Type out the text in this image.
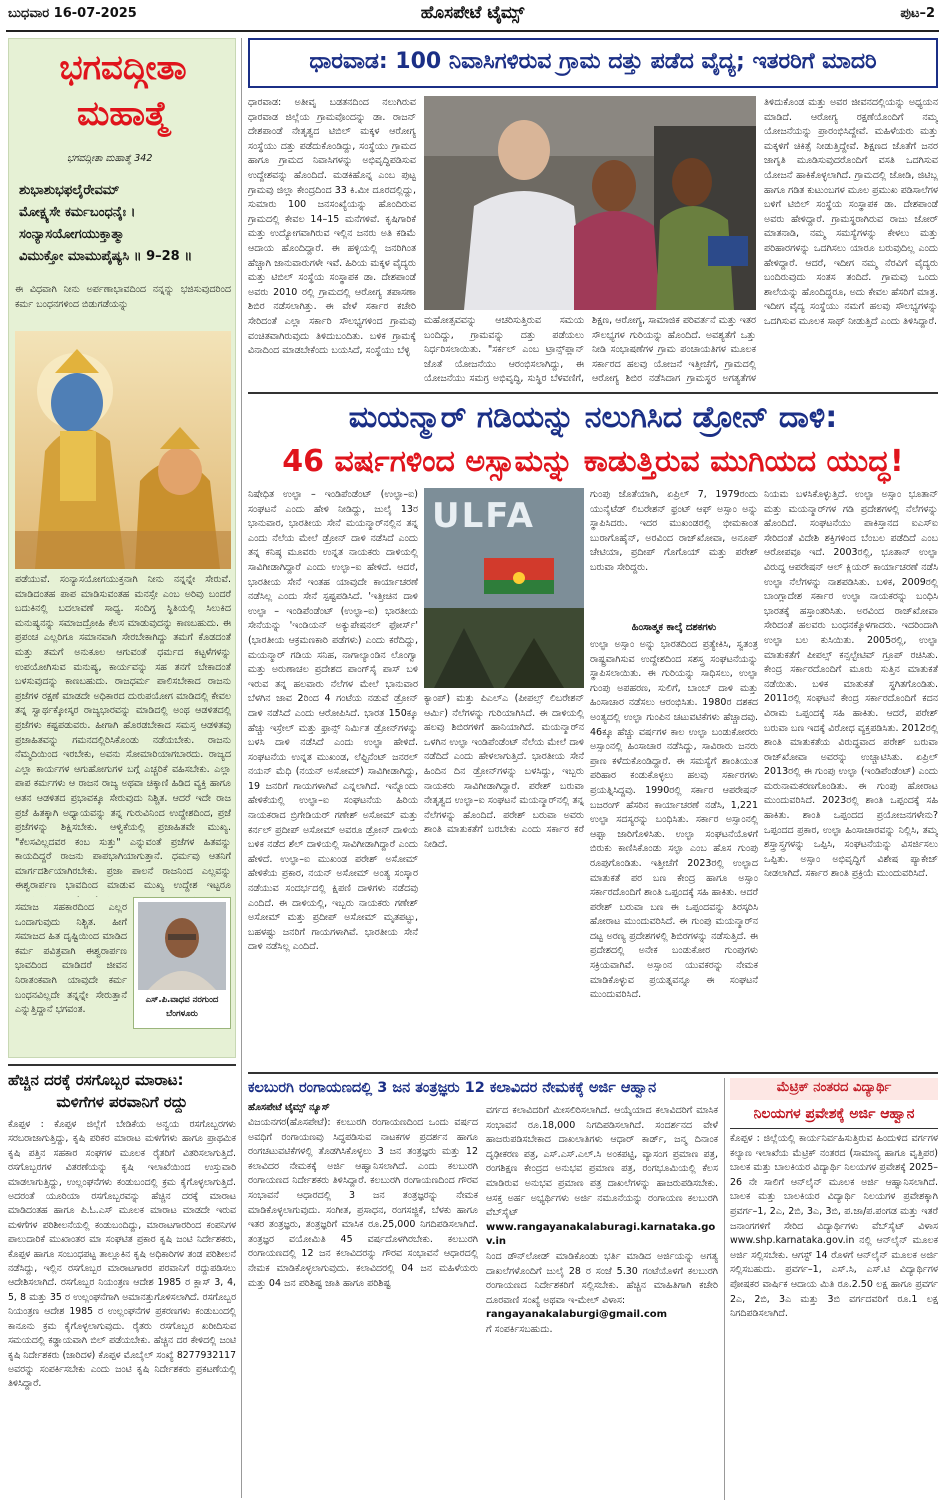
ಬುಧವಾರ 16-07-2025	ಹೊಸಪೇಟೆ ಟೈಮ್ಸ್	ಪುಟ–2
ಭಗವದ್ಗೀತಾ
ಮಹಾತ್ಮೆ
ಭಗವದ್ಗೀತಾ ಮಹಾತ್ಮೆ 342
ಶುಭಾಶುಭಫಲೈರೇವಮ್
ಮೋಕ್ಷ್ಯಸೇ ಕರ್ಮಬಂಧನೈಃ ।
ಸಂನ್ಯಾಸಯೋಗಯುಕ್ತಾತ್ಮಾ
ವಿಮುಕ್ತೋ ಮಾಮುಪೈಷ್ಯಸಿ ॥ 9–28 ॥
ಈ ವಿಧವಾಗಿ ನೀನು ಅರ್ಪಣಾಭಾವದಿಂದ ನನ್ನನ್ನು ಭಜಿಸುವುದರಿಂದ ಕರ್ಮ ಬಂಧನಗಳಿಂದ ಬಿಡುಗಡೆಯನ್ನು
ಪಡೆಯುವೆ. ಸಂನ್ಯಾಸಯೋಗಯುಕ್ತನಾಗಿ ನೀನು ನನ್ನನ್ನೇ ಸೇರುವೆ. ಮಾಡಿದಂತಹ ಪಾಪ ಮಾಡಿಸುವಂತಹ ಮನಸ್ಸೇ ಎಂಬ ಅರಿವು ಬಂದರೆ ಬದುಕಿನಲ್ಲಿ ಬದಲಾವಣೆ ಸಾಧ್ಯ. ಸಂದಿಗ್ಧ ಸ್ಥಿತಿಯಲ್ಲಿ ಸಿಲುಕಿದ ಮನುಷ್ಯನನ್ನು ಸಮಾಜದ್ರೋಹಿ ಕೆಲಸ ಮಾಡುವುದನ್ನು ಕಾಣಬಹುದು. ಈ ಪ್ರಪಂಚ ಎಲ್ಲರಿಗೂ ಸಮಾನವಾಗಿ ಸೇರಬೇಕಾಗಿದ್ದು ತಮಗೆ ಕೊಡದಂತೆ ಮತ್ತು ತಮಗೆ ಅನುಕೂಲ ಆಗುವಂತೆ ಧರ್ಮದ ಕಟ್ಟಳೆಗಳನ್ನು ಉಪಯೋಗಿಸುವ ಮನುಷ್ಯ, ಕಾರ್ಯವನ್ನು ಸಹ ತನಗೆ ಬೇಕಾದಂತೆ ಬಳಸುವುದನ್ನು ಕಾಣಬಹುದು. ರಾಜಧರ್ಮ ಪಾಲಿಸಬೇಕಾದ ರಾಜನು ಪ್ರಜೆಗಳ ರಕ್ಷಣೆ ಮಾಡದೇ ಅಧಿಕಾರದ ದುರುಪಯೋಗ ಮಾಡಿದಲ್ಲಿ ಕೇವಲ ತನ್ನ ಸ್ವಾರ್ಥಕ್ಕೋಸ್ಕರ ರಾಜ್ಯಭಾರವನ್ನು ಮಾಡಿದಲ್ಲಿ ಅಂಥ ಆಡಳಿತದಲ್ಲಿ ಪ್ರಜೆಗಳು ಕಷ್ಟಪಡುವರು. ಹೀಗಾಗಿ ಹೊರಡಬೇಕಾದ ಸಮಸ್ತ ಆಡಳಿತವು ಪ್ರಜಾಹಿತವನ್ನು ಗಮನದಲ್ಲಿರಿಸಿಕೊಂಡು ನಡೆಯಬೇಕು. ರಾಜನು ನೆಮ್ಮದಿಯಿಂದ ಇರಬೇಕು, ಅವನು ಸೋಮಾರಿಯಾಗಬಾರದು. ರಾಜ್ಯದ ಎಲ್ಲಾ ಕಾರ್ಯಗಳ ಆಗುಹೋಗುಗಳ ಬಗ್ಗೆ ಎಚ್ಚರಿಕೆ ವಹಿಸಬೇಕು. ಎಲ್ಲಾ ಪಾಪ ಕರ್ಮಗಳು ಆ ರಾಜನ ರಾಜ್ಯ ಅಥವಾ ಚಿಕ್ಕಾಣಿ ಹಿಡಿದ ವ್ಯಕ್ತಿ ಹಾಗೂ ಆತನ ಆಡಳಿತದ ಪ್ರಭಾವಕ್ಕೂ ಸೇರುವುದು ನಿಶ್ಚಿತ. ಆದರೆ ಇದೇ ರಾಜ ಪ್ರಜೆ ಹಿತಕ್ಕಾಗಿ ಅಧ್ಯಾಯವನ್ನು ತನ್ನ ಗುರುವಿನಿಂದ ಉದ್ದೇಶದಿಂದ, ಪ್ರಜೆ ಪ್ರಜೆಗಳನ್ನು ಶಿಕ್ಷಿಸಬೇಕು. ಆಳ್ವಿಕೆಯಲ್ಲಿ ಪ್ರಜಾಹಿತವೇ ಮುಖ್ಯ. "ಕೆಲಸವಿಲ್ಲದವರ ಕಂಬ ಸುತ್ತು" ಎನ್ನುವಂತೆ ಪ್ರಜೆಗಳ ಹಿತವನ್ನು ಕಾಯದಿದ್ದರೆ ರಾಜನು ಪಾಪಭಾಗಿಯಾಗುತ್ತಾನೆ. ಧರ್ಮವು ಆತನಿಗೆ ಮಾರ್ಗದರ್ಶಿಯಾಗಿರಬೇಕು. ಪ್ರಜಾ ಪಾಲನೆ ರಾಜನಿಂದ ಎಲ್ಲವನ್ನು ಈಶ್ವರಾರ್ಪಣ ಭಾವದಿಂದ ಮಾಡುವ ಮುಖ್ಯ ಉದ್ದೇಶ ಇಟ್ಟರೂ
ಸಮಾಜ ಸಹಕಾರದಿಂದ ಎಲ್ಲರ ಒಂದಾಗುವುದು ನಿಶ್ಚಿತ. ಹೀಗೆ ಸಮಾಜದ ಹಿತ ದೃಷ್ಟಿಯಿಂದ ಮಾಡಿದ ಕರ್ಮ ಪವಿತ್ರವಾಗಿ ಈಶ್ವರಾರ್ಪಣ ಭಾವದಿಂದ ಮಾಡಿದರೆ ಜೀವನ ನಿರಾತಂಕವಾಗಿ ಯಾವುದೇ ಕರ್ಮ ಬಂಧನವಿಲ್ಲದೇ ತನ್ನನ್ನೇ ಸೇರುತ್ತಾನೆ ಎನ್ನುತ್ತಿದ್ದಾನೆ ಭಗವಂತ.
ಎಸ್.ಪಿ.ವಾಧವ ನರಗುಂದ
ಬೆಂಗಳೂರು
ಹೆಚ್ಚಿನ ದರಕ್ಕೆ ರಸಗೊಬ್ಬರ ಮಾರಾಟ:
ಮಳಿಗೆಗಳ ಪರವಾನಿಗೆ ರದ್ದು
ಕೊಪ್ಪಳ : ಕೊಪ್ಪಳ ಜಿಲ್ಲೆಗೆ ಬೇಡಿಕೆಯ ಅನ್ವಯ ರಸಗೊಬ್ಬರಗಳು ಸರಬರಾಜಾಗುತ್ತಿದ್ದು, ಕೃಷಿ ಪರಿಕರ ಮಾರಾಟ ಮಳಿಗೆಗಳು ಹಾಗೂ ಪ್ರಾಥಮಿಕ ಕೃಷಿ ಪತ್ತಿನ ಸಹಕಾರ ಸಂಘಗಳ ಮೂಲಕ ರೈತರಿಗೆ ವಿತರಿಸಲಾಗುತ್ತಿದೆ. ರಸಗೊಬ್ಬರಗಳ ವಿತರಣೆಯನ್ನು ಕೃಷಿ ಇಲಾಖೆಯಿಂದ ಉಸ್ತುವಾರಿ ಮಾಡಲಾಗುತ್ತಿದ್ದು, ಉಲ್ಲಂಘನೆಗಳು ಕಂಡುಬಂದಲ್ಲಿ ಕ್ರಮ ಕೈಗೊಳ್ಳಲಾಗುತ್ತಿದೆ. ಅದರಂತೆ ಯೂರಿಯಾ ರಸಗೊಬ್ಬರವನ್ನು ಹೆಚ್ಚಿನ ದರಕ್ಕೆ ಮಾರಾಟ ಮಾಡಿದಂತಹ ಹಾಗೂ ಪಿ.ಓ.ಎಸ್ ಮೂಲಕ ಮಾರಾಟ ಮಾಡದೇ ಇರುವ ಮಳಿಗೆಗಳ ಪರಿಶೀಲನೆಯಲ್ಲಿ ಕಂಡುಬಂದಿದ್ದು, ಮಾರಾಟಗಾರರಿಂದ ಕಂಪನಿಗಳ ಪಾಲುದಾರಿಕೆ ಮುಖಾಂತರ ಮಾ ಸಂಘಟಿತ ಪ್ರಕಾರ ಕೃಷಿ ಜಂಟಿ ನಿರ್ದೇಶಕರು, ಕೊಪ್ಪಳ ಹಾಗೂ ಸಂಬಂಧಪಟ್ಟ ತಾಲ್ಲೂಕಿನ ಕೃಷಿ ಅಧಿಕಾರಿಗಳ ತಂಡ ಪರಿಶೀಲನೆ ನಡೆಸಿದ್ದು, ಇಲ್ಲಿನ ರಸಗೊಬ್ಬರ ಮಾರಾಟಗಾರರ ಪರವಾನಿಗೆ ರದ್ದುಪಡಿಸಲು ಆದೇಶಿಸಲಾಗಿದೆ. ರಸಗೊಬ್ಬರ ನಿಯಂತ್ರಣ ಆದೇಶ 1985 ರ ಕ್ಲಾಸ್ 3, 4, 5, 8 ಮತ್ತು 35 ರ ಉಲ್ಲಂಘನೆಗಾಗಿ ಅಮಾನತ್ತುಗೊಳಿಸಲಾಗಿದೆ. ರಸಗೊಬ್ಬರ ನಿಯಂತ್ರಣ ಆದೇಶ 1985 ರ ಉಲ್ಲಂಘನೆಗಳ ಪ್ರಕರಣಗಳು ಕಂಡುಬಂದಲ್ಲಿ ಕಾನೂನು ಕ್ರಮ ಕೈಗೊಳ್ಳಲಾಗುವುದು. ರೈತರು ರಸಗೊಬ್ಬರ ಖರೀದಿಸುವ ಸಮಯದಲ್ಲಿ ಕಡ್ಡಾಯವಾಗಿ ಬಿಲ್ ಪಡೆಯಬೇಕು. ಹೆಚ್ಚಿನ ದರ ಕೇಳಿದಲ್ಲಿ ಜಂಟಿ ಕೃಷಿ ನಿರ್ದೇಶಕರು (ಜಾರಿದಳ) ಕೊಪ್ಪಳ ಮೊಬೈಲ್ ಸಂಖ್ಯೆ 8277932117 ಅವರನ್ನು ಸಂಪರ್ಕಿಸಬೇಕು ಎಂದು ಜಂಟಿ ಕೃಷಿ ನಿರ್ದೇಶಕರು ಪ್ರಕಟಣೆಯಲ್ಲಿ ತಿಳಿಸಿದ್ದಾರೆ.
ಧಾರವಾಡ: 100 ನಿವಾಸಿಗಳಿರುವ ಗ್ರಾಮ ದತ್ತು ಪಡೆದ ವೈದ್ಯ; ಇತರರಿಗೆ ಮಾದರಿ
ಧಾರವಾಡ: ಅತೀವೃ ಬಡತನದಿಂದ ನಲುಗಿರುವ ಧಾರವಾಡ ಜಿಲ್ಲೆಯ ಗ್ರಾಮವೊಂದನ್ನು ಡಾ. ರಾಜನ್ ದೇಶಪಾಂಡೆ ನೇತೃತ್ವದ ಟಿಬಿಲ್ ಮಕ್ಕಳ ಆರೋಗ್ಯ ಸಂಸ್ಥೆಯು ದತ್ತು ಪಡೆದುಕೊಂಡಿದ್ದು, ಸಂಸ್ಥೆಯು ಗ್ರಾಮದ ಹಾಗೂ ಗ್ರಾಮದ ನಿವಾಸಿಗಳನ್ನು ಅಭಿವೃದ್ಧಿಪಡಿಸುವ ಉದ್ದೇಶವನ್ನು ಹೊಂದಿದೆ. ಮಡಕಿಹೊನ್ನ ಎಂಬ ಪುಟ್ಟ ಗ್ರಾಮವು ಜಿಲ್ಲಾ ಕೇಂದ್ರದಿಂದ 33 ಕಿ.ಮೀ ದೂರದಲ್ಲಿದ್ದು, ಸುಮಾರು 100 ಜನಸಂಖ್ಯೆಯನ್ನು ಹೊಂದಿರುವ ಗ್ರಾಮದಲ್ಲಿ ಕೇವಲ 14–15 ಮನೆಗಳಿವೆ. ಕೃಷಿಗಾರಿಕೆ ಮತ್ತು ಉದ್ಯೋಗವಾಗಿರುವ ಇಲ್ಲಿನ ಜನರು ಅತಿ ಕಡಿಮೆ ಆದಾಯ ಹೊಂದಿದ್ದಾರೆ. ಈ ಹಳ್ಳಿಯಲ್ಲಿ ಜನರಿಗಿಂತ ಹೆಚ್ಚಾಗಿ ಜಾನುವಾರುಗಳೇ ಇವೆ. ಹಿರಿಯ ಮಕ್ಕಳ ವೈದ್ಯರು ಮತ್ತು ಟಿಬಿಲ್ ಸಂಸ್ಥೆಯ ಸಂಸ್ಥಾಪಕ ಡಾ. ದೇಶಪಾಂಡೆ ಅವರು 2010 ರಲ್ಲಿ ಗ್ರಾಮದಲ್ಲಿ ಆರೋಗ್ಯ ತಪಾಸಣಾ ಶಿಬಿರ ನಡೆಸಲಾಗಿತ್ತು. ಈ ವೇಳೆ ಸರ್ಕಾರ ಕಚೇರಿ ಸೇರಿದಂತೆ ಎಲ್ಲಾ ಸರ್ಕಾರಿ ಸೌಲಭ್ಯಗಳಿಂದ ಗ್ರಾಮವು ವಂಚಿತವಾಗಿರುವುದು ತಿಳಿದುಬಂದಿತು. ಬಳಿಕ ಗ್ರಾಮಕ್ಕೆ ವಿನಾದಿಂದ ಮಾಡಬೇಕೆಂದು ಬಯಸಿದೆ, ಸಂಸ್ಥೆಯು ಬೆಳ್ಳಿ
ಮಹೋತ್ಸವವನ್ನು ಆಚರಿಸುತ್ತಿರುವ ಸಮಯ ಬಂದಿದ್ದು, ಗ್ರಾಮವನ್ನು ದತ್ತು ಪಡೆಯಲು ನಿರ್ಧರಿಸಲಾಯಿತು. "ಸರ್ಕಲ್ ಎಂಬ ಟ್ರಾನ್ಸ್‌ಪ್ಲಾನ್ ಜೊತೆ ಯೋಜನೆಯು ಆರಂಭಿಸಲಾಗಿದ್ದು, ಈ ಯೋಜನೆಯು ಸಮಗ್ರ ಅಭಿವೃದ್ಧಿ, ಸುಸ್ಥಿರ ಬೆಳವಣಿಗೆ,
ಶಿಕ್ಷಣ, ಆರೋಗ್ಯ, ಸಾಮಾಜಿಕ ಪರಿವರ್ತನೆ ಮತ್ತು ಇತರ ಸೌಲಭ್ಯಗಳ ಗುರಿಯನ್ನು ಹೊಂದಿದೆ. ಅವಶ್ಯತೆಗೆ ಒತ್ತು ನೀಡಿ ಸಂಭಾಷಣೆಗಳ ಗ್ರಾಮ ಪಂಚಾಯತಿಗಳ ಮೂಲಕ ಸರ್ಕಾರದ ಹಲವು ಯೋಜನೆ ಇತ್ತೀಚೆಗೆ, ಗ್ರಾಮದಲ್ಲಿ ಆರೋಗ್ಯ ಶಿಬಿರ ನಡೆಸಿದಾಗ ಗ್ರಾಮಸ್ಥರ ಅಗತ್ಯತೆಗಳ
ತಿಳಿದುಕೊಂಡ ಮತ್ತು ಅವರ ಜೀವನದಲ್ಲಿಯನ್ನು ಅಧ್ಯಯನ ಮಾಡಿದೆ. ಆರೋಗ್ಯ ರಕ್ಷಣೆಯೊಂದಿಗೆ ನಮ್ಮ ಯೋಜನೆಯನ್ನು ಪ್ರಾರಂಭಿಸಿದ್ದೇವೆ. ಮಹಿಳೆಯರು ಮತ್ತು ಮಕ್ಕಳಿಗೆ ಚಿಕಿತ್ಸೆ ನೀಡುತ್ತಿದ್ದೇವೆ. ಶಿಕ್ಷಣದ ಜೊತೆಗೆ ಜನರ ಜಾಗೃತಿ ಮೂಡಿಸುವುದರೊಂದಿಗೆ ವಸತಿ ಒದಗಿಸುವ ಯೋಜನೆ ಹಾಕಿಕೊಳ್ಳಲಾಗಿದೆ. ಗ್ರಾಮದಲ್ಲಿ ಜೋಡಿ, ಜಿಟಿಬ್ಲ ಹಾಗೂ ಗಡಿತ ಕುಟುಂಬಗಳ ಮೂಲ ಪ್ರಮುಖ ಪಡಿಸಾಲೆಗಳ ಬಳಿಗೆ ಟಿಬಿಲ್ ಸಂಸ್ಥೆಯ ಸಂಸ್ಥಾಪಕ ಡಾ. ದೇಶಪಾಂಡೆ ಅವರು ಹೇಳಿದ್ದಾರೆ. ಗ್ರಾಮಸ್ಥರಾಗಿರುವ ರಾಜು ಜೋರ್ ಮಾತನಾಡಿ, ನಮ್ಮ ಸಮಸ್ಯೆಗಳನ್ನು ಕೇಳಲು ಮತ್ತು ಪರಿಹಾರಗಳನ್ನು ಒದಗಿಸಲು ಯಾರೂ ಬರುವುದಿಲ್ಲ ಎಂದು ಹೇಳಿದ್ದಾರೆ. ಆದರೆ, ಇದೀಗ ನಮ್ಮ ನೆರವಿಗೆ ವೈದ್ಯರು ಬಂದಿರುವುದು ಸಂತಸ ತಂದಿದೆ. ಗ್ರಾಮವು ಒಂದು ಶಾಲೆಯನ್ನು ಹೊಂದಿದ್ದರೂ, ಅದು ಕೇವಲ ಹೆಸರಿಗೆ ಮಾತ್ರ. ಇದೀಗ ವೈದ್ಯ ಸಂಸ್ಥೆಯು ನಮಗೆ ಹಲವು ಸೌಲಭ್ಯಗಳನ್ನು ಒದಗಿಸುವ ಮೂಲಕ ಸಾಥ್ ನೀಡುತ್ತಿದೆ ಎಂದು ತಿಳಿಸಿದ್ದಾರೆ.
ಮಯನ್ಮಾರ್ ಗಡಿಯನ್ನು ನಲುಗಿಸಿದ ಡ್ರೋನ್ ದಾಳಿ:
46 ವರ್ಷಗಳಿಂದ ಅಸ್ಸಾಮನ್ನು ಕಾಡುತ್ತಿರುವ ಮುಗಿಯದ ಯುದ್ಧ!
ನಿಷೇಧಿತ ಉಲ್ಫಾ – ಇಂಡಿಪೆಂಡೆಂಟ್ (ಉಲ್ಫಾ–ಐ) ಸಂಘಟನೆ ಎಂದು ಹೇಳಿ ನೀಡಿದ್ದು, ಜುಲೈ 13ರ ಭಾನುವಾರ, ಭಾರತೀಯ ಸೇನೆ ಮಯನ್ಮಾರ್‌ನಲ್ಲಿನ ತನ್ನ ಎಂದು ನೆಲೆಯ ಮೇಲೆ ಡ್ರೋನ್ ದಾಳಿ ನಡೆಸಿದೆ ಎಂದು ತನ್ನ ಕನಿಷ್ಠ ಮೂವರು ಉನ್ನತ ನಾಯಕರು ದಾಳಿಯಲ್ಲಿ ಸಾವಿಗೀಡಾಗಿದ್ದಾರೆ ಎಂದು ಉಲ್ಫಾ–ಐ ಹೇಳಿದೆ. ಆದರೆ, ಭಾರತೀಯ ಸೇನೆ ಇಂತಹ ಯಾವುದೇ ಕಾರ್ಯಾಚರಣೆ ನಡೆಸಿಲ್ಲ ಎಂದು ಸೇನೆ ಸ್ಪಷ್ಟಪಡಿಸಿದೆ. 'ಇತ್ತೀಚಿನ ದಾಳಿ ಉಲ್ಫಾ – ಇಂಡಿಪೆಂಡೆಂಟ್ (ಉಲ್ಫಾ–ಐ) ಭಾರತೀಯ ಸೇನೆಯನ್ನು 'ಇಂಡಿಯನ್ ಅಕ್ಯುಪೇಷನಲ್ ಫೋರ್ಸ್' (ಭಾರತೀಯ ಆಕ್ರಮಣಕಾರಿ ಪಡೆಗಳು) ಎಂದು ಕರೆದಿದ್ದು, ಮಯನ್ಮಾರ್ ಗಡಿಯ ಸನಿಹ, ನಾಗಾಲ್ಯಾಂಡಿನ ಲೊಂಗ್ವಾ ಮತ್ತು ಅರುಣಾಚಲ ಪ್ರದೇಶದ ಪಾಂಗ್‌ಸೈ ಪಾಸ್ ಬಳಿ ಇರುವ ತನ್ನ ಹಲವಾರು ನೆಲೆಗಳ ಮೇಲೆ ಭಾನುವಾರ ಬೆಳಗಿನ ಜಾವ 2ರಿಂದ 4 ಗಂಟೆಯ ನಡುವೆ ಡ್ರೋನ್ ದಾಳಿ ನಡೆಸಿದೆ ಎಂದು ಆರೋಪಿಸಿದೆ. ಭಾರತ 150ಕ್ಕೂ ಹೆಚ್ಚು ಇಸ್ರೇಲ್ ಮತ್ತು ಫ್ರಾನ್ಸ್ ನಿರ್ಮಿತ ಡ್ರೋನ್‌ಗಳನ್ನು ಬಳಸಿ ದಾಳಿ ನಡೆಸಿದೆ ಎಂದು ಉಲ್ಫಾ ಹೇಳಿದೆ. ಸಂಘಟನೆಯ ಉನ್ನತ ಮುಖಂಡ, ಲೆಫ್ಟಿನೆಂಟ್ ಜನರಲ್ ನಯನ್ ಮೆಧಿ (ನಯನ್ ಅಸೋಮ್) ಸಾವಿಗೀಡಾಗಿದ್ದು, 19 ಜನರಿಗೆ ಗಾಯಗಳಾಗಿವೆ ಎನ್ನಲಾಗಿದೆ. ಇನ್ನೊಂದು ಹೇಳಿಕೆಯಲ್ಲಿ ಉಲ್ಫಾ–ಐ ಸಂಘಟನೆಯ ಹಿರಿಯ ನಾಯಕರಾದ ಬ್ರಿಗೇಡಿಯರ್ ಗಣೇಶ್ ಅಸೋಮ್ ಮತ್ತು ಕರ್ನಲ್ ಪ್ರದೀಪ್ ಅಸೋಮ್ ಅವರೂ ಡ್ರೋನ್ ದಾಳಿಯ ಬಳಿಕ ನಡೆದ ಶೆಲ್ ದಾಳಿಯಲ್ಲಿ ಸಾವಿಗೀಡಾಗಿದ್ದಾರೆ ಎಂದು ಹೇಳಿದೆ. ಉಲ್ಫಾ–ಐ ಮುಖಂಡ ಪರೇಶ್ ಅಸೋಮ್ ಹೇಳಿಕೆಯ ಪ್ರಕಾರ, ನಯನ್ ಅಸೋಮ್ ಅಂತ್ಯ ಸಂಸ್ಕಾರ ನಡೆಯುವ ಸಂದರ್ಭದಲ್ಲಿ ಕ್ಷಿಪಣಿ ದಾಳಿಗಳು ನಡೆದವು ಎಂದಿದೆ. ಈ ದಾಳಿಯಲ್ಲಿ, ಇಬ್ಬರು ನಾಯಕರು ಗಣೇಶ್ ಅಸೋಮ್ ಮತ್ತು ಪ್ರದೀಪ್ ಅಸೋಮ್ ಮೃತಪಟ್ಟು, ಬಹಳಷ್ಟು ಜನರಿಗೆ ಗಾಯಗಳಾಗಿವೆ. ಭಾರತೀಯ ಸೇನೆ ದಾಳಿ ನಡೆಸಿಲ್ಲ ಎಂದಿದೆ.
ULFA
ಕ್ಯಾಂಪ್) ಮತ್ತು ಪಿಎಲ್‌ಎ (ಪೀಪಲ್ಸ್ ಲಿಬರೇಶನ್ ಆರ್ಮಿ) ನೆಲೆಗಳನ್ನು ಗುರಿಯಾಗಿಸಿದೆ. ಈ ದಾಳಿಯಲ್ಲಿ ಹಲವು ಶಿಬಿರಗಳಿಗೆ ಹಾನಿಯಾಗಿದೆ. ಮಯನ್ಮಾರ್‌ನ ಒಳಗಿನ ಉಲ್ಫಾ ಇಂಡಿಪೆಂಡೆಂಟ್ ನೆಲೆಯ ಮೇಲೆ ದಾಳಿ ನಡೆದಿದೆ ಎಂದು ಹೇಳಲಾಗುತ್ತಿದೆ. ಭಾರತೀಯ ಸೇನೆ ಹಿಂದಿನ ದಿನ ಡ್ರೋನ್‌ಗಳನ್ನು ಬಳಸಿದ್ದು, ಇಬ್ಬರು ನಾಯಕರು ಸಾವಿಗೀಡಾಗಿದ್ದಾರೆ. ಪರೇಶ್ ಬರುವಾ ನೇತೃತ್ವದ ಉಲ್ಫಾ–ಐ ಸಂಘಟನೆ ಮಯನ್ಮಾರ್‌ನಲ್ಲಿ ತನ್ನ ನೆಲೆಗಳನ್ನು ಹೊಂದಿದೆ. ಪರೇಶ್ ಬರುವಾ ಅವರು ಶಾಂತಿ ಮಾತುಕತೆಗೆ ಬರಬೇಕು ಎಂದು ಸರ್ಕಾರ ಕರೆ ನೀಡಿದೆ.
ಗುಂಪು ಜೊತೆಯಾಗಿ, ಏಪ್ರಿಲ್ 7, 1979ರಂದು ಯುನೈಟೆಡ್ ಲಿಬರೇಶನ್ ಫ್ರಂಟ್ ಆಫ್ ಅಸ್ಸಾಂ ಅನ್ನು ಸ್ಥಾಪಿಸಿದರು. ಇದರ ಮುಖಂಡರಲ್ಲಿ ಭೀಮಕಾಂತ ಬುರಾಗೊಹೈನ್, ಅರವಿಂದ ರಾಜ್‌ಖೋವಾ, ಅನೂಪ್ ಚೇಟಿಯಾ, ಪ್ರದೀಪ್ ಗೊಗೊಯ್ ಮತ್ತು ಪರೇಶ್ ಬರುವಾ ಸೇರಿದ್ದರು.
ಹಿಂಸಾತ್ಮಕ ಕಾಲ್ಕೆ ದಶಕಗಳು
ಉಲ್ಫಾ ಅಸ್ಸಾಂ ಅನ್ನು ಭಾರತದಿಂದ ಪ್ರತ್ಯೇಕಿಸಿ, ಸ್ವತಂತ್ರ ರಾಷ್ಟ್ರವಾಗಿಸುವ ಉದ್ದೇಶದಿಂದ ಸಶಸ್ತ್ರ ಸಂಘಟನೆಯನ್ನು ಸ್ಥಾಪಿಸಲಾಯಿತು. ಈ ಗುರಿಯನ್ನು ಸಾಧಿಸಲು, ಉಲ್ಫಾ ಗುಂಪು ಅಪಹರಣ, ಸುಲಿಗೆ, ಬಾಂಬ್ ದಾಳಿ ಮತ್ತು ಹಿಂಸಾಚಾರ ನಡೆಸಲು ಆರಂಭಿಸಿತು. 1980ರ ದಶಕದ ಅಂತ್ಯದಲ್ಲಿ ಉಲ್ಫಾ ಗುಂಪಿನ ಚಟುವಟಿಕೆಗಳು ಹೆಚ್ಚಾದವು. 46ಕ್ಕೂ ಹೆಚ್ಚು ವರ್ಷಗಳ ಕಾಲ ಉಲ್ಫಾ ಬಂಡುಕೋರರು ಅಸ್ಸಾಂನಲ್ಲಿ ಹಿಂಸಾಚಾರ ನಡೆಸಿದ್ದು, ಸಾವಿರಾರು ಜನರು ಪ್ರಾಣ ಕಳೆದುಕೊಂಡಿದ್ದಾರೆ. ಈ ಸಮಸ್ಯೆಗೆ ಶಾಂತಿಯುತ ಪರಿಹಾರ ಕಂಡುಕೊಳ್ಳಲು ಹಲವು ಸರ್ಕಾರಗಳು ಪ್ರಯತ್ನಿಸಿದ್ದವು. 1990ರಲ್ಲಿ ಸರ್ಕಾರ ಆಪರೇಷನ್ ಬಜರಂಗ್ ಹೆಸರಿನ ಕಾರ್ಯಾಚರಣೆ ನಡೆಸಿ, 1,221 ಉಲ್ಫಾ ಸದಸ್ಯರನ್ನು ಬಂಧಿಸಿತು. ಸರ್ಕಾರ ಅಸ್ಸಾಂನಲ್ಲಿ ಆಫ್ಸಾ ಜಾರಿಗೊಳಿಸಿತು. ಉಲ್ಫಾ ಸಂಘಟನೆಯೊಳಗೆ ಬಿರುಕು ಕಾಣಿಸಿಕೊಂಡು ಸಲ್ಫಾ ಎಂಬ ಹೊಸ ಗುಂಪು ರೂಪುಗೊಂಡಿತು. ಇತ್ತೀಚೆಗೆ 2023ರಲ್ಲಿ ಉಲ್ಫಾದ ಮಾತುಕತೆ ಪರ ಬಣ ಕೇಂದ್ರ ಹಾಗೂ ಅಸ್ಸಾಂ ಸರ್ಕಾರದೊಂದಿಗೆ ಶಾಂತಿ ಒಪ್ಪಂದಕ್ಕೆ ಸಹಿ ಹಾಕಿತು. ಆದರೆ ಪರೇಶ್ ಬರುವಾ ಬಣ ಈ ಒಪ್ಪಂದವನ್ನು ತಿರಸ್ಕರಿಸಿ ಹೋರಾಟ ಮುಂದುವರಿಸಿದೆ. ಈ ಗುಂಪು ಮಯನ್ಮಾರ್‌ನ ದಟ್ಟ ಅರಣ್ಯ ಪ್ರದೇಶಗಳಲ್ಲಿ ಶಿಬಿರಗಳನ್ನು ನಡೆಸುತ್ತಿದೆ. ಈ ಪ್ರದೇಶದಲ್ಲಿ ಅನೇಕ ಬಂಡುಕೋರ ಗುಂಪುಗಳು ಸಕ್ರಿಯವಾಗಿವೆ. ಅಸ್ಸಾಂನ ಯುವಕರನ್ನು ನೇಮಕ ಮಾಡಿಕೊಳ್ಳುವ ಪ್ರಯತ್ನವನ್ನೂ ಈ ಸಂಘಟನೆ ಮುಂದುವರಿಸಿದೆ.
ನಿಯಮ ಬಳಸಿಕೊಳ್ಳುತ್ತಿದೆ. ಉಲ್ಫಾ ಅಸ್ಸಾಂ ಭೂತಾನ್ ಮತ್ತು ಮಯನ್ಮಾರ್‌ಗಳ ಗಡಿ ಪ್ರದೇಶಗಳಲ್ಲಿ ನೆಲೆಗಳನ್ನು ಹೊಂದಿದೆ. ಸಂಘಟನೆಯು ಪಾಕಿಸ್ತಾನದ ಐಎಸ್ಐ ಸೇರಿದಂತೆ ವಿದೇಶಿ ಶಕ್ತಿಗಳಿಂದ ಬೆಂಬಲ ಪಡೆದಿದೆ ಎಂಬ ಆರೋಪವೂ ಇದೆ. 2003ರಲ್ಲಿ, ಭೂತಾನ್ ಉಲ್ಫಾ ವಿರುದ್ಧ ಆಪರೇಷನ್ ಆಲ್ ಕ್ಲಿಯರ್ ಕಾರ್ಯಾಚರಣೆ ನಡೆಸಿ ಉಲ್ಫಾ ನೆಲೆಗಳನ್ನು ನಾಶಪಡಿಸಿತು. ಬಳಿಕ, 2009ರಲ್ಲಿ ಬಾಂಗ್ಲಾದೇಶ ಸರ್ಕಾರ ಉಲ್ಫಾ ನಾಯಕರನ್ನು ಬಂಧಿಸಿ ಭಾರತಕ್ಕೆ ಹಸ್ತಾಂತರಿಸಿತು. ಅರವಿಂದ ರಾಜ್‌ಖೋವಾ ಸೇರಿದಂತೆ ಹಲವರು ಬಂಧನಕ್ಕೊಳಗಾದರು. ಇದರಿಂದಾಗಿ ಉಲ್ಫಾ ಬಲ ಕುಸಿಯಿತು. 2005ರಲ್ಲಿ, ಉಲ್ಫಾ ಮಾತುಕತೆಗೆ ಪೀಪಲ್ಸ್ ಕನ್ಸಲ್ಟೇಟಿವ್ ಗ್ರೂಪ್ ರಚಿಸಿತು. ಕೇಂದ್ರ ಸರ್ಕಾರದೊಂದಿಗೆ ಮೂರು ಸುತ್ತಿನ ಮಾತುಕತೆ ನಡೆಯಿತು. ಬಳಿಕ ಮಾತುಕತೆ ಸ್ಥಗಿತಗೊಂಡಿತು. 2011ರಲ್ಲಿ ಸಂಘಟನೆ ಕೇಂದ್ರ ಸರ್ಕಾರದೊಂದಿಗೆ ಕದನ ವಿರಾಮ ಒಪ್ಪಂದಕ್ಕೆ ಸಹಿ ಹಾಕಿತು. ಆದರೆ, ಪರೇಶ್ ಬರುವಾ ಬಣ ಇದಕ್ಕೆ ವಿರೋಧ ವ್ಯಕ್ತಪಡಿಸಿತು. 2012ರಲ್ಲಿ ಶಾಂತಿ ಮಾತುಕತೆಯ ವಿರುದ್ಧವಾದ ಪರೇಶ್ ಬರುವಾ ರಾಜ್‌ಖೋವಾ ಅವರನ್ನು ಉಚ್ಚಾಟಿಸಿತು. ಏಪ್ರಿಲ್ 2013ರಲ್ಲಿ ಈ ಗುಂಪು ಉಲ್ಫಾ (ಇಂಡಿಪೆಂಡೆಂಟ್) ಎಂದು ಮರುನಾಮಕರಣಗೊಂಡಿತು. ಈ ಗುಂಪು ಹೋರಾಟ ಮುಂದುವರಿಸಿದೆ. 2023ರಲ್ಲಿ ಶಾಂತಿ ಒಪ್ಪಂದಕ್ಕೆ ಸಹಿ ಹಾಕಿತು. ಶಾಂತಿ ಒಪ್ಪಂದದ ಪ್ರಯೋಜನಗಳೇನು? ಒಪ್ಪಂದದ ಪ್ರಕಾರ, ಉಲ್ಫಾ ಹಿಂಸಾಚಾರವನ್ನು ನಿಲ್ಲಿಸಿ, ತಮ್ಮ ಶಸ್ತ್ರಾಸ್ತ್ರಗಳನ್ನು ಒಪ್ಪಿಸಿ, ಸಂಘಟನೆಯನ್ನು ವಿಸರ್ಜಿಸಲು ಒಪ್ಪಿತು. ಅಸ್ಸಾಂ ಅಭಿವೃದ್ಧಿಗೆ ವಿಶೇಷ ಪ್ಯಾಕೇಜ್ ನೀಡಲಾಗಿದೆ. ಸರ್ಕಾರ ಶಾಂತಿ ಪ್ರಕ್ರಿಯೆ ಮುಂದುವರಿಸಿದೆ.
ಕಲಬುರಗಿ ರಂಗಾಯಣದಲ್ಲಿ 3 ಜನ ತಂತ್ರಜ್ಞರು 12 ಕಲಾವಿದರ ನೇಮಕಕ್ಕೆ ಅರ್ಜಿ ಆಹ್ವಾನ
ಹೊಸಪೇಟೆ ಟೈಮ್ಸ್ ನ್ಯೂಸ್
ವಿಜಯನಗರ(ಹೊಸಪೇಟೆ): ಕಲಬುರಗಿ ರಂಗಾಯಣದಿಂದ ಒಂದು ವರ್ಷದ ಅವಧಿಗೆ ರಂಗಾಯಣವು ಸಿದ್ಧಪಡಿಸುವ ನಾಟಕಗಳ ಪ್ರದರ್ಶನ ಹಾಗೂ ರಂಗಚಟುವಟಿಕೆಗಳಲ್ಲಿ ತೊಡಗಿಸಿಕೊಳ್ಳಲು 3 ಜನ ತಂತ್ರಜ್ಞರು ಮತ್ತು 12 ಕಲಾವಿದರ ನೇಮಕಕ್ಕೆ ಅರ್ಜಿ ಆಹ್ವಾನಿಸಲಾಗಿದೆ. ಎಂದು ಕಲಬುರಗಿ ರಂಗಾಯಣದ ನಿರ್ದೇಶಕರು ತಿಳಿಸಿದ್ದಾರೆ. ಕಲಬುರಗಿ ರಂಗಾಯಣದಿಂದ ಗೌರವ ಸಂಭಾವನೆ ಆಧಾರದಲ್ಲಿ 3 ಜನ ತಂತ್ರಜ್ಞರನ್ನು ನೇಮಕ ಮಾಡಿಕೊಳ್ಳಲಾಗುವುದು. ಸಂಗೀತ, ಪ್ರಸಾಧನ, ರಂಗಸಜ್ಜಿಕೆ, ಬೆಳಕು ಹಾಗೂ ಇತರ ತಂತ್ರಜ್ಞರು, ತಂತ್ರಜ್ಞರಿಗೆ ಮಾಸಿಕ ರೂ.25,000 ನಿಗದಿಪಡಿಸಲಾಗಿದೆ. ತಂತ್ರಜ್ಞರ ವಯೋಮಿತಿ 45 ವರ್ಷದೊಳಗಿರಬೇಕು. ಕಲಬುರಗಿ ರಂಗಾಯಣದಲ್ಲಿ 12 ಜನ ಕಲಾವಿದರನ್ನು ಗೌರವ ಸಂಭಾವನೆ ಆಧಾರದಲ್ಲಿ ನೇಮಕ ಮಾಡಿಕೊಳ್ಳಲಾಗುವುದು. ಕಲಾವಿದರಲ್ಲಿ 04 ಜನ ಮಹಿಳೆಯರು ಮತ್ತು 04 ಜನ ಪರಿಶಿಷ್ಟ ಜಾತಿ ಹಾಗೂ ಪರಿಶಿಷ್ಟ
ವರ್ಗದ ಕಲಾವಿದರಿಗೆ ಮೀಸಲಿರಿಸಲಾಗಿದೆ. ಆಯ್ಕೆಯಾದ ಕಲಾವಿದರಿಗೆ ಮಾಸಿಕ ಸಂಭಾವನೆ ರೂ.18,000 ನಿಗದಿಪಡಿಸಲಾಗಿದೆ. ಸಂದರ್ಶನದ ವೇಳೆ ಹಾಜರುಪಡಿಸಬೇಕಾದ ದಾಖಲಾತಿಗಳು ಆಧಾರ್ ಕಾರ್ಡ್, ಜನ್ಮ ದಿನಾಂಕ ದೃಢೀಕರಣ ಪತ್ರ, ಎಸ್.ಎಸ್.ಎಲ್.ಸಿ ಅಂಕಪಟ್ಟಿ, ವ್ಯಾಸಂಗ ಪ್ರಮಾಣ ಪತ್ರ, ರಂಗಶಿಕ್ಷಣ ಕೇಂದ್ರದ ಅನುಭವ ಪ್ರಮಾಣ ಪತ್ರ, ರಂಗಭೂಮಿಯಲ್ಲಿ ಕೆಲಸ ಮಾಡಿರುವ ಅನುಭವ ಪ್ರಮಾಣ ಪತ್ರ ದಾಖಲೆಗಳನ್ನು ಹಾಜರುಪಡಿಸಬೇಕು. ಆಸಕ್ತ ಅರ್ಹ ಅಭ್ಯರ್ಥಿಗಳು ಅರ್ಜಿ ನಮೂನೆಯನ್ನು ರಂಗಾಯಣ ಕಲಬುರಗಿ ವೆಬ್‌ಸೈಟ್
www.rangayanakalaburagi.karnataka.gov.in
ನಿಂದ ಡೌನ್‌ಲೋಡ್ ಮಾಡಿಕೊಂಡು ಭರ್ತಿ ಮಾಡಿದ ಅರ್ಜಿಯನ್ನು ಅಗತ್ಯ ದಾಖಲೆಗಳೊಂದಿಗೆ ಜುಲೈ 28 ರ ಸಂಜೆ 5.30 ಗಂಟೆಯೊಳಗೆ ಕಲಬುರಗಿ ರಂಗಾಯಣದ ನಿರ್ದೇಶಕರಿಗೆ ಸಲ್ಲಿಸಬೇಕು. ಹೆಚ್ಚಿನ ಮಾಹಿತಿಗಾಗಿ ಕಚೇರಿ ದೂರವಾಣಿ ಸಂಖ್ಯೆ ಅಥವಾ ಇ-ಮೇಲ್ ವಿಳಾಸ:
rangayanakalaburgi@gmail.com
ಗೆ ಸಂಪರ್ಕಿಸಬಹುದು.
ಮೆಟ್ರಿಕ್ ನಂತರದ ವಿದ್ಯಾರ್ಥಿ
ನಿಲಯಗಳ ಪ್ರವೇಶಕ್ಕೆ ಅರ್ಜಿ ಆಹ್ವಾನ
ಕೊಪ್ಪಳ : ಜಿಲ್ಲೆಯಲ್ಲಿ ಕಾರ್ಯನಿರ್ವಹಿಸುತ್ತಿರುವ ಹಿಂದುಳಿದ ವರ್ಗಗಳ ಕಲ್ಯಾಣ ಇಲಾಖೆಯ ಮೆಟ್ರಿಕ್ ನಂತರದ (ಸಾಮಾನ್ಯ ಹಾಗೂ ವೃತ್ತಿಪರ) ಬಾಲಕ ಮತ್ತು ಬಾಲಕಿಯರ ವಿದ್ಯಾರ್ಥಿ ನಿಲಯಗಳ ಪ್ರವೇಶಕ್ಕೆ 2025–26 ನೇ ಸಾಲಿಗೆ ಆನ್‌ಲೈನ್ ಮೂಲಕ ಅರ್ಜಿ ಆಹ್ವಾನಿಸಲಾಗಿದೆ. ಬಾಲಕ ಮತ್ತು ಬಾಲಕಿಯರ ವಿದ್ಯಾರ್ಥಿ ನಿಲಯಗಳ ಪ್ರವೇಶಕ್ಕಾಗಿ ಪ್ರವರ್ಗ–1, 2ಎ, 2ಬಿ, 3ಎ, 3ಬಿ, ಪ.ಜಾ/ಪ.ಪಂಗಡ ಮತ್ತು ಇತರೆ ಜನಾಂಗಗಳಿಗೆ ಸೇರಿದ ವಿದ್ಯಾರ್ಥಿಗಳು ವೆಬ್‌ಸೈಟ್ ವಿಳಾಸ www.shp.karnataka.gov.in ನಲ್ಲಿ ಆನ್‌ಲೈನ್ ಮೂಲಕ ಅರ್ಜಿ ಸಲ್ಲಿಸಬೇಕು. ಆಗಸ್ಟ್ 14 ರೊಳಗೆ ಆನ್‌ಲೈನ್ ಮೂಲಕ ಅರ್ಜಿ ಸಲ್ಲಿಸಬಹುದು. ಪ್ರವರ್ಗ–1, ಎಸ್.ಸಿ, ಎಸ್.ಟಿ ವಿದ್ಯಾರ್ಥಿಗಳ ಪೋಷಕರ ವಾರ್ಷಿಕ ಆದಾಯ ಮಿತಿ ರೂ.2.50 ಲಕ್ಷ ಹಾಗೂ ಪ್ರವರ್ಗ 2ಎ, 2ಬಿ, 3ಎ ಮತ್ತು 3ಬಿ ವರ್ಗದವರಿಗೆ ರೂ.1 ಲಕ್ಷ ನಿಗದಿಪಡಿಸಲಾಗಿದೆ.
